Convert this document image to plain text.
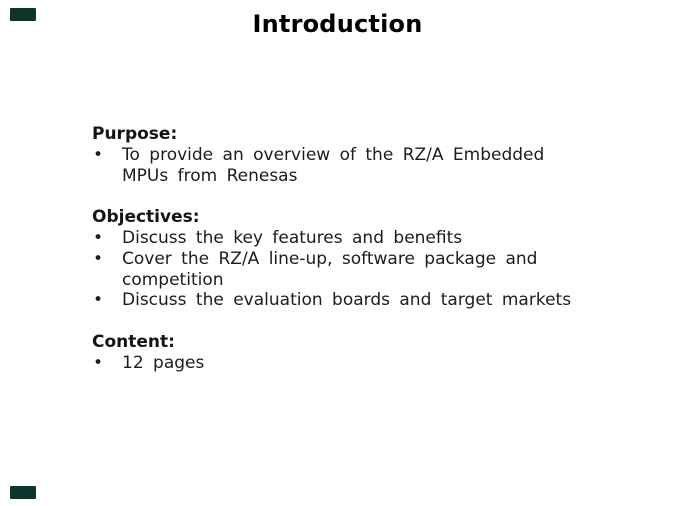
Introduction
Purpose:
• To provide an overview of the RZ/A Embedded MPUs from Renesas
Objectives:
• Discuss the key features and benefits
• Cover the RZ/A line-up, software package and competition
• Discuss the evaluation boards and target markets
Content:
• 12 pages
